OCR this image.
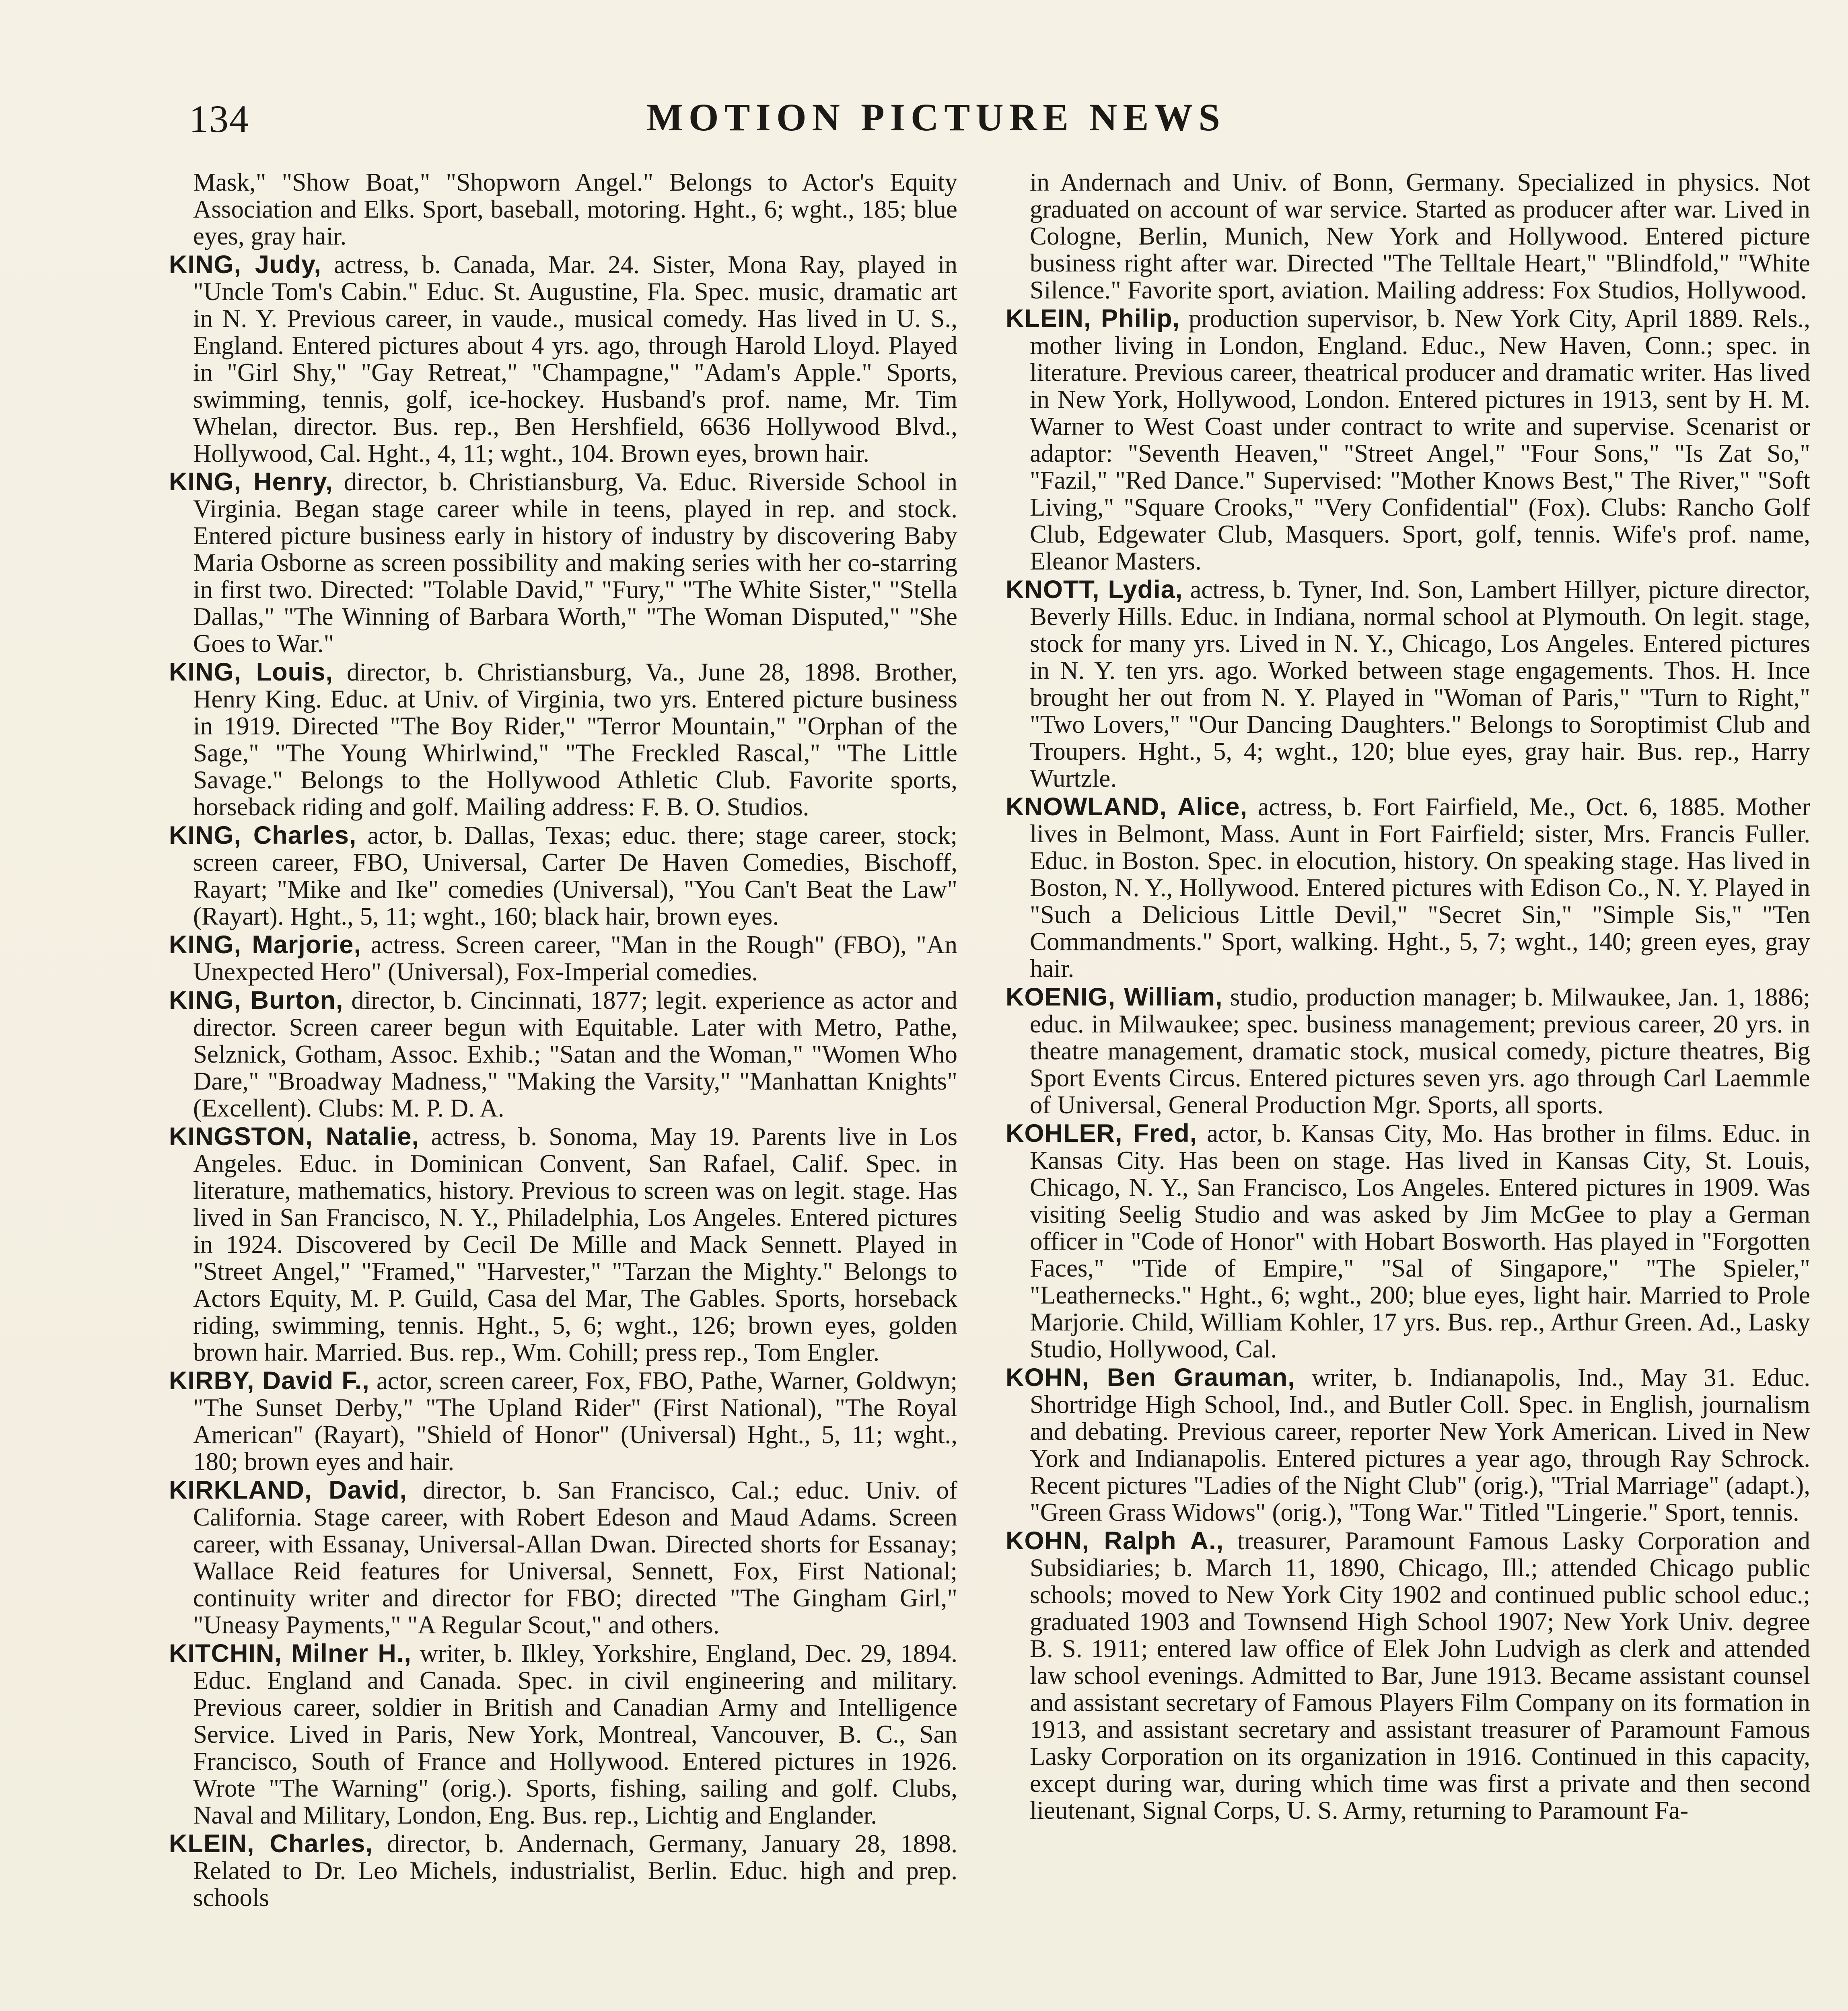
134	MOTION PICTURE NEWS

Mask," "Show Boat," "Shopworn Angel." Belongs to Actor's Equity Association and Elks. Sport, baseball, motoring. Hght., 6; wght., 185; blue eyes, gray hair.

KING, Judy, actress, b. Canada, Mar. 24. Sister, Mona Ray, played in "Uncle Tom's Cabin." Educ. St. Augustine, Fla. Spec. music, dramatic art in N. Y. Previous career, in vaude., musical comedy. Has lived in U. S., England. Entered pictures about 4 yrs. ago, through Harold Lloyd. Played in "Girl Shy," "Gay Retreat," "Champagne," "Adam's Apple." Sports, swimming, tennis, golf, ice-hockey. Husband's prof. name, Mr. Tim Whelan, director. Bus. rep., Ben Hershfield, 6636 Hollywood Blvd., Hollywood, Cal. Hght., 4, 11; wght., 104. Brown eyes, brown hair.

KING, Henry, director, b. Christiansburg, Va. Educ. Riverside School in Virginia. Began stage career while in teens, played in rep. and stock. Entered picture business early in history of industry by discovering Baby Maria Osborne as screen possibility and making series with her co-starring in first two. Directed: "Tolable David," "Fury," "The White Sister," "Stella Dallas," "The Winning of Barbara Worth," "The Woman Disputed," "She Goes to War."

KING, Louis, director, b. Christiansburg, Va., June 28, 1898. Brother, Henry King. Educ. at Univ. of Virginia, two yrs. Entered picture business in 1919. Directed "The Boy Rider," "Terror Mountain," "Orphan of the Sage," "The Young Whirlwind," "The Freckled Rascal," "The Little Savage." Belongs to the Hollywood Athletic Club. Favorite sports, horseback riding and golf. Mailing address: F. B. O. Studios.

KING, Charles, actor, b. Dallas, Texas; educ. there; stage career, stock; screen career, FBO, Universal, Carter De Haven Comedies, Bischoff, Rayart; "Mike and Ike" comedies (Universal), "You Can't Beat the Law" (Rayart). Hght., 5, 11; wght., 160; black hair, brown eyes.

KING, Marjorie, actress. Screen career, "Man in the Rough" (FBO), "An Unexpected Hero" (Universal), Fox-Imperial comedies.

KING, Burton, director, b. Cincinnati, 1877; legit. experience as actor and director. Screen career begun with Equitable. Later with Metro, Pathe, Selznick, Gotham, Assoc. Exhib.; "Satan and the Woman," "Women Who Dare," "Broadway Madness," "Making the Varsity," "Manhattan Knights" (Excellent). Clubs: M. P. D. A.

KINGSTON, Natalie, actress, b. Sonoma, May 19. Parents live in Los Angeles. Educ. in Dominican Convent, San Rafael, Calif. Spec. in literature, mathematics, history. Previous to screen was on legit. stage. Has lived in San Francisco, N. Y., Philadelphia, Los Angeles. Entered pictures in 1924. Discovered by Cecil De Mille and Mack Sennett. Played in "Street Angel," "Framed," "Harvester," "Tarzan the Mighty." Belongs to Actors Equity, M. P. Guild, Casa del Mar, The Gables. Sports, horseback riding, swimming, tennis. Hght., 5, 6; wght., 126; brown eyes, golden brown hair. Married. Bus. rep., Wm. Cohill; press rep., Tom Engler.

KIRBY, David F., actor, screen career, Fox, FBO, Pathe, Warner, Goldwyn; "The Sunset Derby," "The Upland Rider" (First National), "The Royal American" (Rayart), "Shield of Honor" (Universal) Hght., 5, 11; wght., 180; brown eyes and hair.

KIRKLAND, David, director, b. San Francisco, Cal.; educ. Univ. of California. Stage career, with Robert Edeson and Maud Adams. Screen career, with Essanay, Universal-Allan Dwan. Directed shorts for Essanay; Wallace Reid features for Universal, Sennett, Fox, First National; continuity writer and director for FBO; directed "The Gingham Girl," "Uneasy Payments," "A Regular Scout," and others.

KITCHIN, Milner H., writer, b. Ilkley, Yorkshire, England, Dec. 29, 1894. Educ. England and Canada. Spec. in civil engineering and military. Previous career, soldier in British and Canadian Army and Intelligence Service. Lived in Paris, New York, Montreal, Vancouver, B. C., San Francisco, South of France and Hollywood. Entered pictures in 1926. Wrote "The Warning" (orig.). Sports, fishing, sailing and golf. Clubs, Naval and Military, London, Eng. Bus. rep., Lichtig and Englander.

KLEIN, Charles, director, b. Andernach, Germany, January 28, 1898. Related to Dr. Leo Michels, industrialist, Berlin. Educ. high and prep. schools

in Andernach and Univ. of Bonn, Germany. Specialized in physics. Not graduated on account of war service. Started as producer after war. Lived in Cologne, Berlin, Munich, New York and Hollywood. Entered picture business right after war. Directed "The Telltale Heart," "Blindfold," "White Silence." Favorite sport, aviation. Mailing address: Fox Studios, Hollywood.

KLEIN, Philip, production supervisor, b. New York City, April 1889. Rels., mother living in London, England. Educ., New Haven, Conn.; spec. in literature. Previous career, theatrical producer and dramatic writer. Has lived in New York, Hollywood, London. Entered pictures in 1913, sent by H. M. Warner to West Coast under contract to write and supervise. Scenarist or adaptor: "Seventh Heaven," "Street Angel," "Four Sons," "Is Zat So," "Fazil," "Red Dance." Supervised: "Mother Knows Best," The River," "Soft Living," "Square Crooks," "Very Confidential" (Fox). Clubs: Rancho Golf Club, Edgewater Club, Masquers. Sport, golf, tennis. Wife's prof. name, Eleanor Masters.

KNOTT, Lydia, actress, b. Tyner, Ind. Son, Lambert Hillyer, picture director, Beverly Hills. Educ. in Indiana, normal school at Plymouth. On legit. stage, stock for many yrs. Lived in N. Y., Chicago, Los Angeles. Entered pictures in N. Y. ten yrs. ago. Worked between stage engagements. Thos. H. Ince brought her out from N. Y. Played in "Woman of Paris," "Turn to Right," "Two Lovers," "Our Dancing Daughters." Belongs to Soroptimist Club and Troupers. Hght., 5, 4; wght., 120; blue eyes, gray hair. Bus. rep., Harry Wurtzle.

KNOWLAND, Alice, actress, b. Fort Fairfield, Me., Oct. 6, 1885. Mother lives in Belmont, Mass. Aunt in Fort Fairfield; sister, Mrs. Francis Fuller. Educ. in Boston. Spec. in elocution, history. On speaking stage. Has lived in Boston, N. Y., Hollywood. Entered pictures with Edison Co., N. Y. Played in "Such a Delicious Little Devil," "Secret Sin," "Simple Sis," "Ten Commandments." Sport, walking. Hght., 5, 7; wght., 140; green eyes, gray hair.

KOENIG, William, studio, production manager; b. Milwaukee, Jan. 1, 1886; educ. in Milwaukee; spec. business management; previous career, 20 yrs. in theatre management, dramatic stock, musical comedy, picture theatres, Big Sport Events Circus. Entered pictures seven yrs. ago through Carl Laemmle of Universal, General Production Mgr. Sports, all sports.

KOHLER, Fred, actor, b. Kansas City, Mo. Has brother in films. Educ. in Kansas City. Has been on stage. Has lived in Kansas City, St. Louis, Chicago, N. Y., San Francisco, Los Angeles. Entered pictures in 1909. Was visiting Seelig Studio and was asked by Jim McGee to play a German officer in "Code of Honor" with Hobart Bosworth. Has played in "Forgotten Faces," "Tide of Empire," "Sal of Singapore," "The Spieler," "Leathernecks." Hght., 6; wght., 200; blue eyes, light hair. Married to Prole Marjorie. Child, William Kohler, 17 yrs. Bus. rep., Arthur Green. Ad., Lasky Studio, Hollywood, Cal.

KOHN, Ben Grauman, writer, b. Indianapolis, Ind., May 31. Educ. Shortridge High School, Ind., and Butler Coll. Spec. in English, journalism and debating. Previous career, reporter New York American. Lived in New York and Indianapolis. Entered pictures a year ago, through Ray Schrock. Recent pictures "Ladies of the Night Club" (orig.), "Trial Marriage" (adapt.), "Green Grass Widows" (orig.), "Tong War." Titled "Lingerie." Sport, tennis.

KOHN, Ralph A., treasurer, Paramount Famous Lasky Corporation and Subsidiaries; b. March 11, 1890, Chicago, Ill.; attended Chicago public schools; moved to New York City 1902 and continued public school educ.; graduated 1903 and Townsend High School 1907; New York Univ. degree B. S. 1911; entered law office of Elek John Ludvigh as clerk and attended law school evenings. Admitted to Bar, June 1913. Became assistant counsel and assistant secretary of Famous Players Film Company on its formation in 1913, and assistant secretary and assistant treasurer of Paramount Famous Lasky Corporation on its organization in 1916. Continued in this capacity, except during war, during which time was first a private and then second lieutenant, Signal Corps, U. S. Army, returning to Paramount Fa-
